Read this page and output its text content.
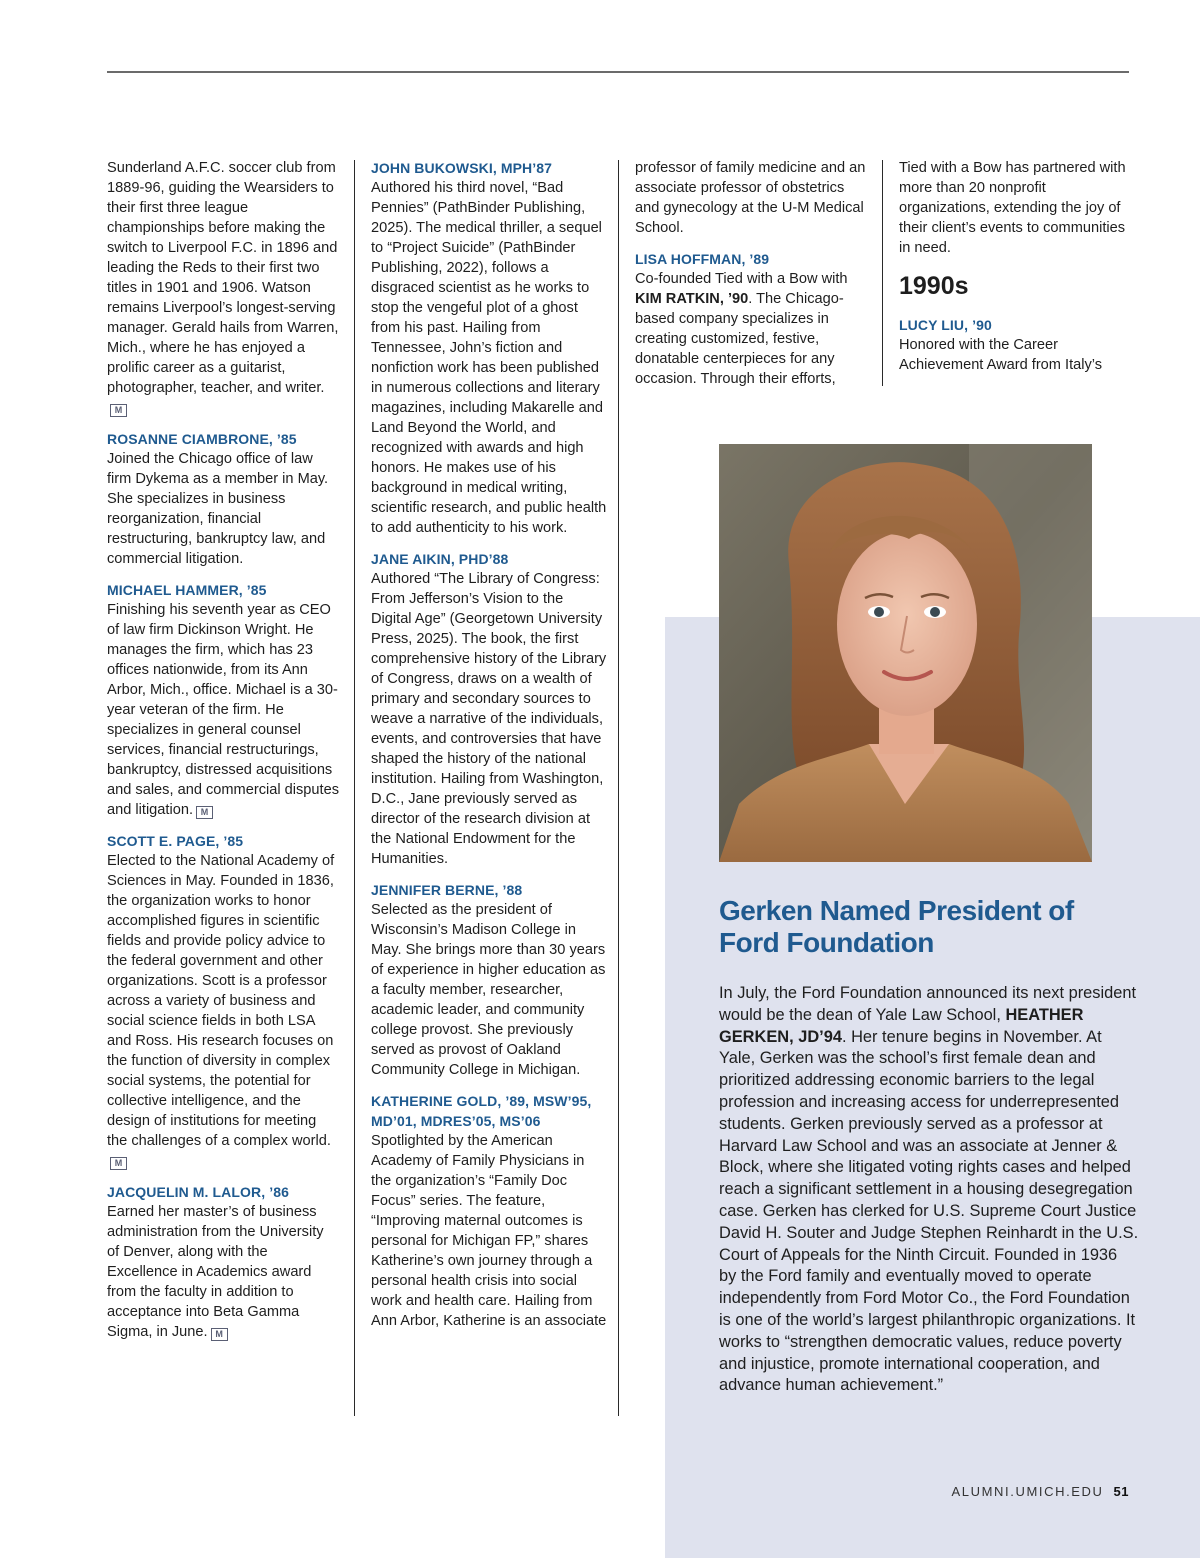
Sunderland A.F.C. soccer club from 1889-96, guiding the Wearsiders to their first three league championships before making the switch to Liverpool F.C. in 1896 and leading the Reds to their first two titles in 1901 and 1906. Watson remains Liverpool’s longest-serving manager. Gerald hails from Warren, Mich., where he has enjoyed a prolific career as a guitarist, photographer, teacher, and writer.M

ROSANNE CIAMBRONE, ’85
Joined the Chicago office of law firm Dykema as a member in May. She specializes in business reorganization, financial restructuring, bankruptcy law, and commercial litigation.

MICHAEL HAMMER, ’85
Finishing his seventh year as CEO of law firm Dickinson Wright. He manages the firm, which has 23 offices nationwide, from its Ann Arbor, Mich., office. Michael is a 30-year veteran of the firm. He specializes in general counsel services, financial restructurings, bankruptcy, distressed acquisitions and sales, and commercial disputes and litigation. M

SCOTT E. PAGE, ’85
Elected to the National Academy of Sciences in May. Founded in 1836, the organization works to honor accomplished figures in scientific fields and provide policy advice to the federal government and other organizations. Scott is a professor across a variety of business and social science fields in both LSA and Ross. His research focuses on the function of diversity in complex social systems, the potential for collective intelligence, and the design of institutions for meeting the challenges of a complex world.M

JACQUELIN M. LALOR, ’86
Earned her master’s of business administration from the University of Denver, along with the Excellence in Academics award from the faculty in addition to acceptance into Beta Gamma Sigma, in June. M

JOHN BUKOWSKI, MPH’87
Authored his third novel, “Bad Pennies” (PathBinder Publishing, 2025). The medical thriller, a sequel to “Project Suicide” (PathBinder Publishing, 2022), follows a disgraced scientist as he works to stop the vengeful plot of a ghost from his past. Hailing from Tennessee, John’s fiction and nonfiction work has been published in numerous collections and literary magazines, including Makarelle and Land Beyond the World, and recognized with awards and high honors. He makes use of his background in medical writing, scientific research, and public health to add authenticity to his work.

JANE AIKIN, PHD’88
Authored “The Library of Congress: From Jefferson’s Vision to the Digital Age” (Georgetown University Press, 2025). The book, the first comprehensive history of the Library of Congress, draws on a wealth of primary and secondary sources to weave a narrative of the individuals, events, and controversies that have shaped the history of the national institution. Hailing from Washington, D.C., Jane previously served as director of the research division at the National Endowment for the Humanities.

JENNIFER BERNE, ’88
Selected as the president of Wisconsin’s Madison College in May. She brings more than 30 years of experience in higher education as a faculty member, researcher, academic leader, and community college provost. She previously served as provost of Oakland Community College in Michigan.

KATHERINE GOLD, ’89, MSW’95, MD’01, MDRES’05, MS’06
Spotlighted by the American Academy of Family Physicians in the organization’s “Family Doc Focus” series. The feature, “Improving maternal outcomes is personal for Michigan FP,” shares Katherine’s own journey through a personal health crisis into social work and health care. Hailing from Ann Arbor, Katherine is an associate

professor of family medicine and an associate professor of obstetrics and gynecology at the U-M Medical School.

LISA HOFFMAN, ’89
Co-founded Tied with a Bow with KIM RATKIN, ’90. The Chicago-based company specializes in creating customized, festive, donatable centerpieces for any occasion. Through their efforts,

Tied with a Bow has partnered with more than 20 nonprofit organizations, extending the joy of their client’s events to communities in need.

1990s

LUCY LIU, ’90
Honored with the Career Achievement Award from Italy’s

Gerken Named President of Ford Foundation

In July, the Ford Foundation announced its next president would be the dean of Yale Law School, HEATHER GERKEN, JD’94. Her tenure begins in November. At Yale, Gerken was the school’s first female dean and prioritized addressing economic barriers to the legal profession and increasing access for underrepresented students. Gerken previously served as a professor at Harvard Law School and was an associate at Jenner & Block, where she litigated voting rights cases and helped reach a significant settlement in a housing desegregation case. Gerken has clerked for U.S. Supreme Court Justice David H. Souter and Judge Stephen Reinhardt in the U.S. Court of Appeals for the Ninth Circuit. Founded in 1936 by the Ford family and eventually moved to operate independently from Ford Motor Co., the Ford Foundation is one of the world’s largest philanthropic organizations. It works to “strengthen democratic values, reduce poverty and injustice, promote international cooperation, and advance human achievement.”

ALUMNI.UMICH.EDU 51
